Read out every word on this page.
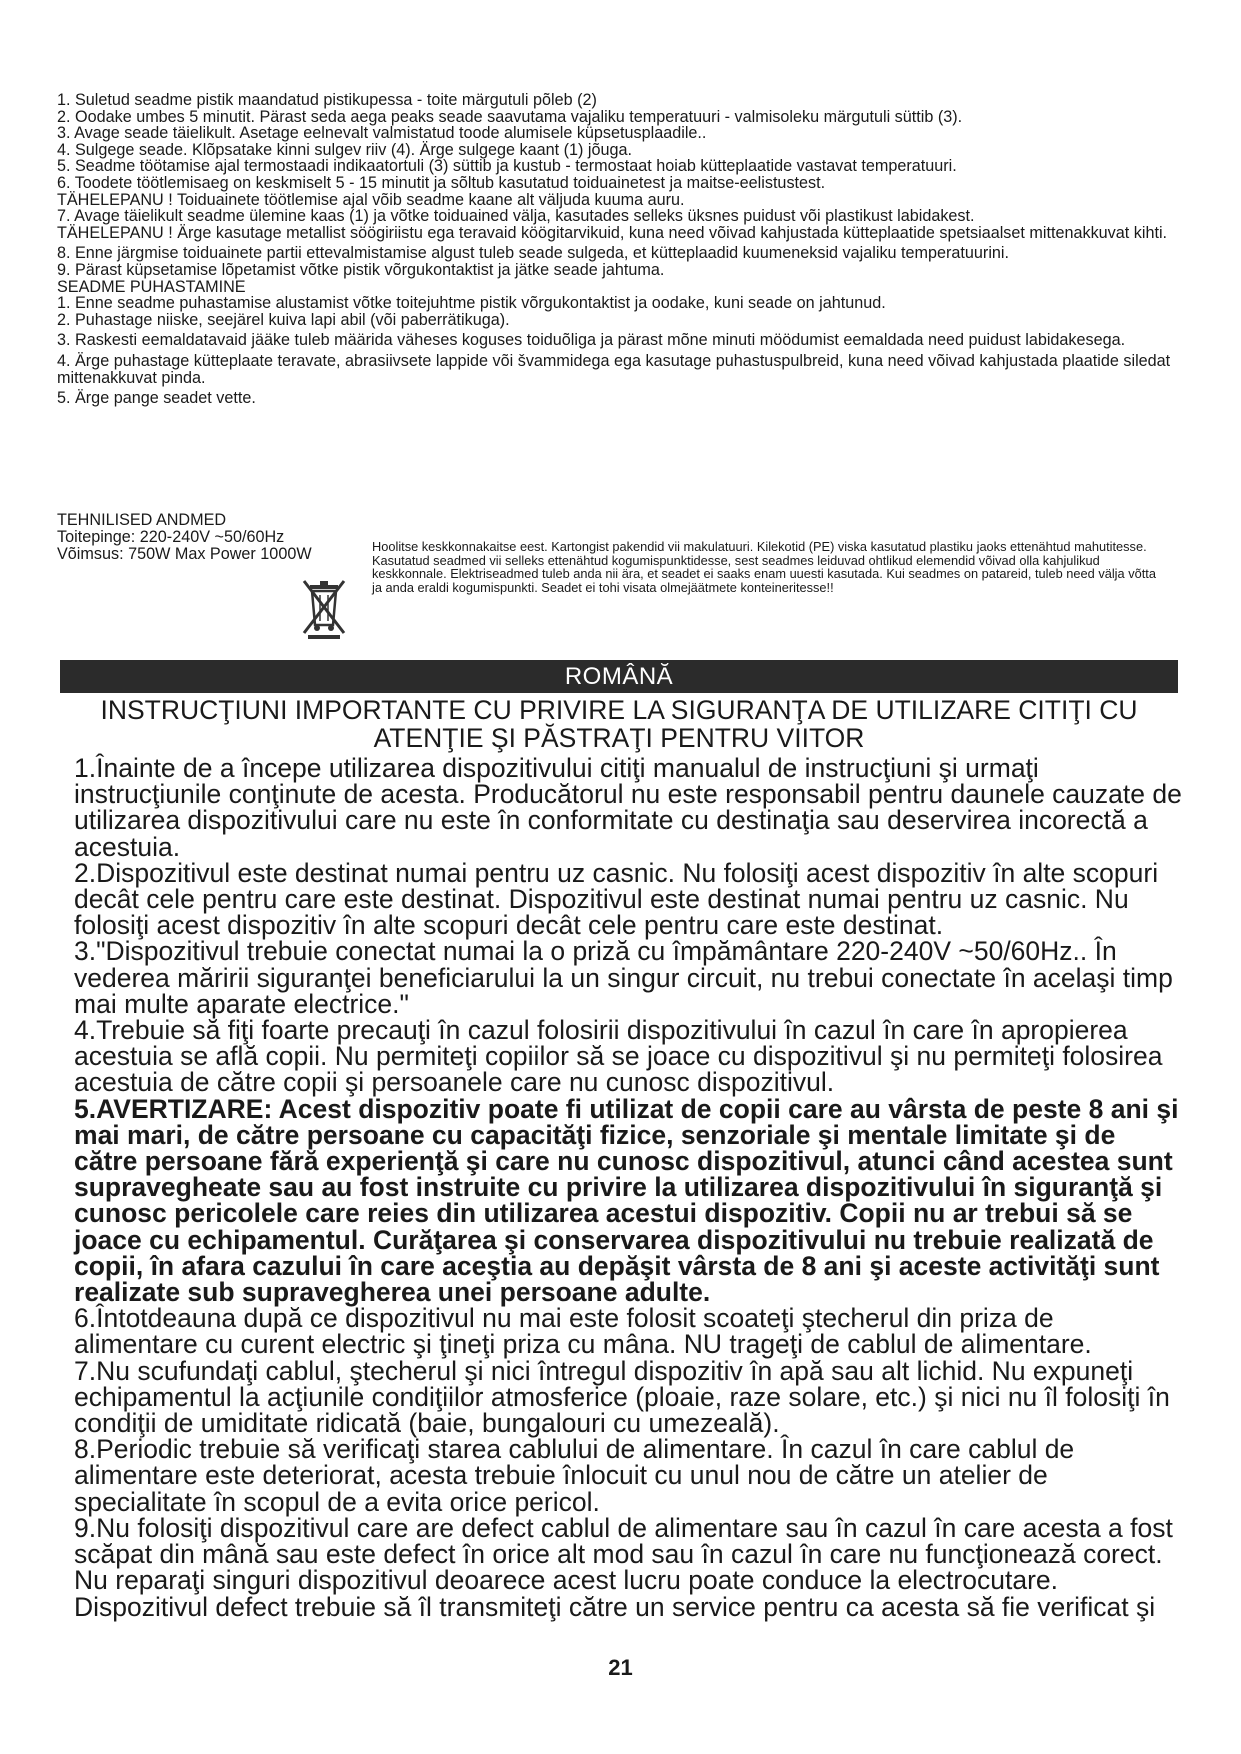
1. Suletud seadme pistik maandatud pistikupessa - toite märgutuli põleb (2)

2. Oodake umbes 5 minutit. Pärast seda aega peaks seade saavutama vajaliku temperatuuri - valmisoleku märgutuli süttib (3).

3. Avage seade täielikult. Asetage eelnevalt valmistatud toode alumisele küpsetusplaadile..

4. Sulgege seade. Klõpsatake kinni sulgev riiv (4). Ärge sulgege kaant (1) jõuga.

5. Seadme töötamise ajal termostaadi indikaatortuli (3) süttib ja kustub - termostaat hoiab kütteplaatide vastavat temperatuuri.

6. Toodete töötlemisaeg on keskmiselt 5 - 15 minutit ja sõltub kasutatud toiduainetest ja maitse-eelistustest.

TÄHELEPANU ! Toiduainete töötlemise ajal võib seadme kaane alt väljuda kuuma auru.

7. Avage täielikult seadme ülemine kaas (1) ja võtke toiduained välja, kasutades selleks üksnes puidust või plastikust labidakest.

TÄHELEPANU ! Ärge kasutage metallist söögiriistu ega teravaid köögitarvikuid, kuna need võivad kahjustada kütteplaatide spetsiaalset mittenakkuvat kihti.

8. Enne järgmise toiduainete partii ettevalmistamise algust tuleb seade sulgeda, et kütteplaadid kuumeneksid vajaliku temperatuurini.

9. Pärast küpsetamise lõpetamist võtke pistik võrgukontaktist ja jätke seade jahtuma.

SEADME PUHASTAMINE

1. Enne seadme puhastamise alustamist võtke toitejuhtme pistik võrgukontaktist ja oodake, kuni seade on jahtunud.

2. Puhastage niiske, seejärel kuiva lapi abil (või paberrätikuga).

3. Raskesti eemaldatavaid jääke tuleb määrida väheses koguses toiduõliga ja pärast mõne minuti möödumist eemaldada need puidust labidakesega.

4. Ärge puhastage kütteplaate teravate, abrasiivsete lappide või švammidega ega kasutage puhastuspulbreid, kuna need võivad kahjustada plaatide siledat mittenakkuvat pinda.

5. Ärge pange seadet vette.

TEHNILISED ANDMED

Toitepinge: 220-240V ~50/60Hz

Võimsus: 750W Max Power 1000W	Hoolitse keskkonnakaitse eest. Kartongist pakendid vii makulatuuri. Kilekotid (PE) viska kasutatud plastiku jaoks ettenähtud mahutitesse. Kasutatud seadmed vii selleks ettenähtud kogumispunktidesse, sest seadmes leiduvad ohtlikud elemendid võivad olla kahjulikud keskkonnale. Elektriseadmed tuleb anda nii ära, et seadet ei saaks enam uuesti kasutada. Kui seadmes on patareid, tuleb need välja võtta ja anda eraldi kogumispunkti. Seadet ei tohi visata olmejäätmete konteineritesse!!
ROMÂNĂ

INSTRUCŢIUNI IMPORTANTE CU PRIVIRE LA SIGURANŢA DE UTILIZARE CITIŢI CU

ATENŢIE ŞI PĂSTRAŢI PENTRU VIITOR

1.Înainte de a începe utilizarea dispozitivului citiţi manualul de instrucţiuni şi urmaţi instrucţiunile conţinute de acesta. Producătorul nu este responsabil pentru daunele cauzate de utilizarea dispozitivului care nu este în conformitate cu destinaţia sau deservirea incorectă a acestuia.

2.Dispozitivul este destinat numai pentru uz casnic. Nu folosiţi acest dispozitiv în alte scopuri decât cele pentru care este destinat. Dispozitivul este destinat numai pentru uz casnic. Nu folosiţi acest dispozitiv în alte scopuri decât cele pentru care este destinat.

3."Dispozitivul trebuie conectat numai la o priză cu împământare 220-240V ~50/60Hz.. În vederea măririi siguranţei beneficiarului la un singur circuit, nu trebui conectate în acelaşi timp mai multe aparate electrice."

4.Trebuie să fiţi foarte precauţi în cazul folosirii dispozitivului în cazul în care în apropierea acestuia se află copii. Nu permiteţi copiilor să se joace cu dispozitivul şi nu permiteţi folosirea acestuia de către copii şi persoanele care nu cunosc dispozitivul.

5.AVERTIZARE: Acest dispozitiv poate fi utilizat de copii care au vârsta de peste 8 ani şi mai mari, de către persoane cu capacităţi fizice, senzoriale şi mentale limitate şi de către persoane fără experienţă şi care nu cunosc dispozitivul, atunci când acestea sunt supravegheate sau au fost instruite cu privire la utilizarea dispozitivului în siguranţă şi cunosc pericolele care reies din utilizarea acestui dispozitiv. Copii nu ar trebui să se joace cu echipamentul. Curăţarea şi conservarea dispozitivului nu trebuie realizată de copii, în afara cazului în care aceştia au depăşit vârsta de 8 ani şi aceste activităţi sunt realizate sub supravegherea unei persoane adulte.

6.Întotdeauna după ce dispozitivul nu mai este folosit scoateţi ştecherul din priza de alimentare cu curent electric şi ţineţi priza cu mâna. NU trageţi de cablul de alimentare.

7.Nu scufundaţi cablul, ştecherul şi nici întregul dispozitiv în apă sau alt lichid. Nu expuneţi echipamentul la acţiunile condiţiilor atmosferice (ploaie, raze solare, etc.) şi nici nu îl folosiţi în condiţii de umiditate ridicată (baie, bungalouri cu umezeală).

8.Periodic trebuie să verificaţi starea cablului de alimentare. În cazul în care cablul de alimentare este deteriorat, acesta trebuie înlocuit cu unul nou de către un atelier de specialitate în scopul de a evita orice pericol.

9.Nu folosiţi dispozitivul care are defect cablul de alimentare sau în cazul în care acesta a fost scăpat din mână sau este defect în orice alt mod sau în cazul în care nu funcţionează corect. Nu reparaţi singuri dispozitivul deoarece acest lucru poate conduce la electrocutare. Dispozitivul defect trebuie să îl transmiteţi către un service pentru ca acesta să fie verificat şi

21
